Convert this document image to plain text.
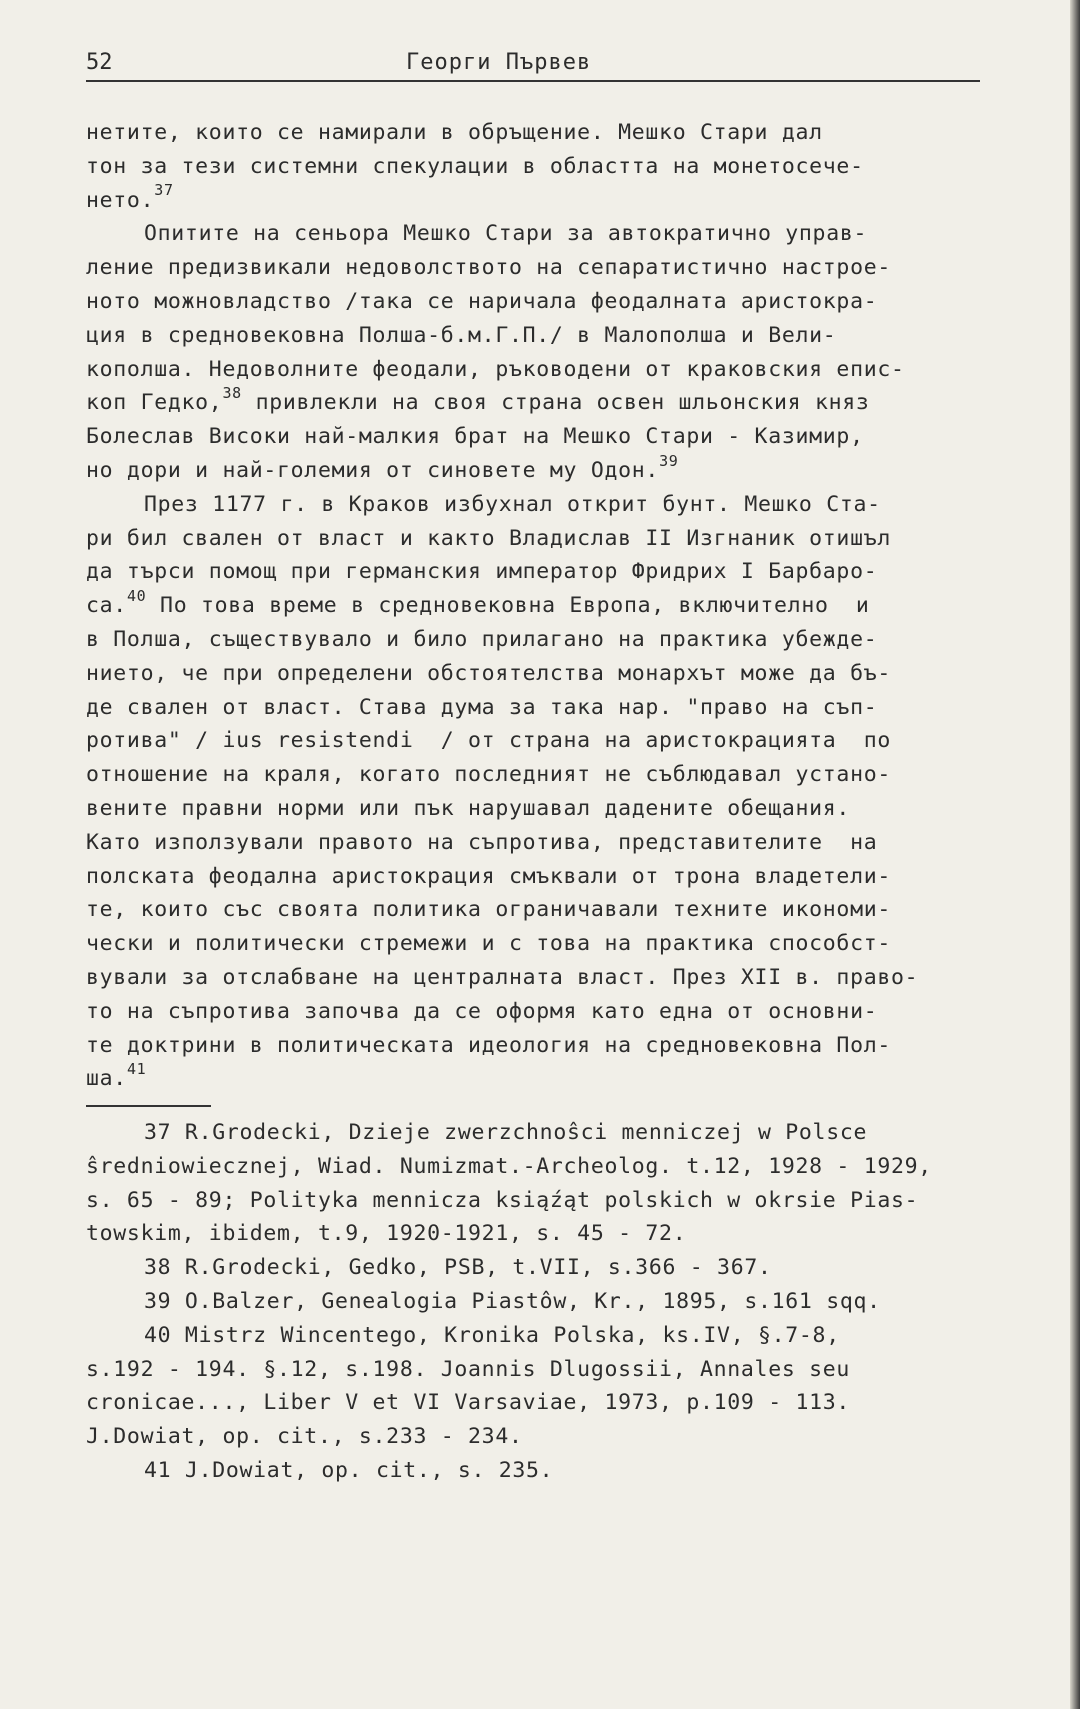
52	Георги Първев
нетите, които се намирали в обръщение. Мешко Стари дал
тон за тези системни спекулации в областта на монетосече-
нето.$^{37}$
Опитите на сеньора Мешко Стари за автократично управ-
ление предизвикали недоволството на сепаратистично настрое-
ното можновладство /така се наричала феодалната аристокра-
ция в средновековна Полша-б.м.Г.П./ в Малополша и Вели-
кополша. Недоволните феодали, ръководени от краковския епис-
коп Гедко,$^{38}$ привлекли на своя страна освен шльонския княз
Болеслав Високи най-малкия брат на Мешко Стари - Казимир,
но дори и най-големия от синовете му Одон.$^{39}$
През 1177 г. в Краков избухнал открит бунт. Мешко Ста-
ри бил свален от власт и както Владислав II Изгнаник отишъл
да търси помощ при германския император Фридрих I Барбаро-
са.$^{40}$ По това време в средновековна Европа, включително  и
в Полша, съществувало и било прилагано на практика убежде-
нието, че при определени обстоятелства монархът може да бъ-
де свален от власт. Става дума за така нар. "право на съп-
ротива" / ius resistendi  / от страна на аристокрацията  по
отношение на краля, когато последният не съблюдавал устано-
вените правни норми или пък нарушавал дадените обещания.
Като използували правото на съпротива, представителите  на
полската феодална аристокрация смъквали от трона владетели-
те, които със своята политика ограничавали техните икономи-
чески и политически стремежи и с това на практика способст-
вували за отслабване на централната власт. През XII в. право-
то на съпротива започва да се оформя като една от основни-
те доктрини в политическата идеология на средновековна Пол-
ша.$^{41}$
37 R.Grodecki, Dzieje zwerzchnoŝci menniczej w Polsce
ŝredniowiecznej, Wiad. Numizmat.-Archeolog. t.12, 1928 - 1929,
s. 65 - 89; Polityka mennicza ksiąźąt polskich w okrsie Pias-
towskim, ibidem, t.9, 1920-1921, s. 45 - 72.
38 R.Grodecki, Gedko, PSB, t.VII, s.366 - 367.
39 O.Balzer, Genealogia Piastôw, Kr., 1895, s.161 sqq.
40 Mistrz Wincentego, Kronika Polska, ks.IV, §.7-8,
s.192 - 194. §.12, s.198. Joannis Dlugossii, Annales seu
cronicae..., Liber V et VI Varsaviae, 1973, p.109 - 113.
J.Dowiat, op. cit., s.233 - 234.
41 J.Dowiat, op. cit., s. 235.
